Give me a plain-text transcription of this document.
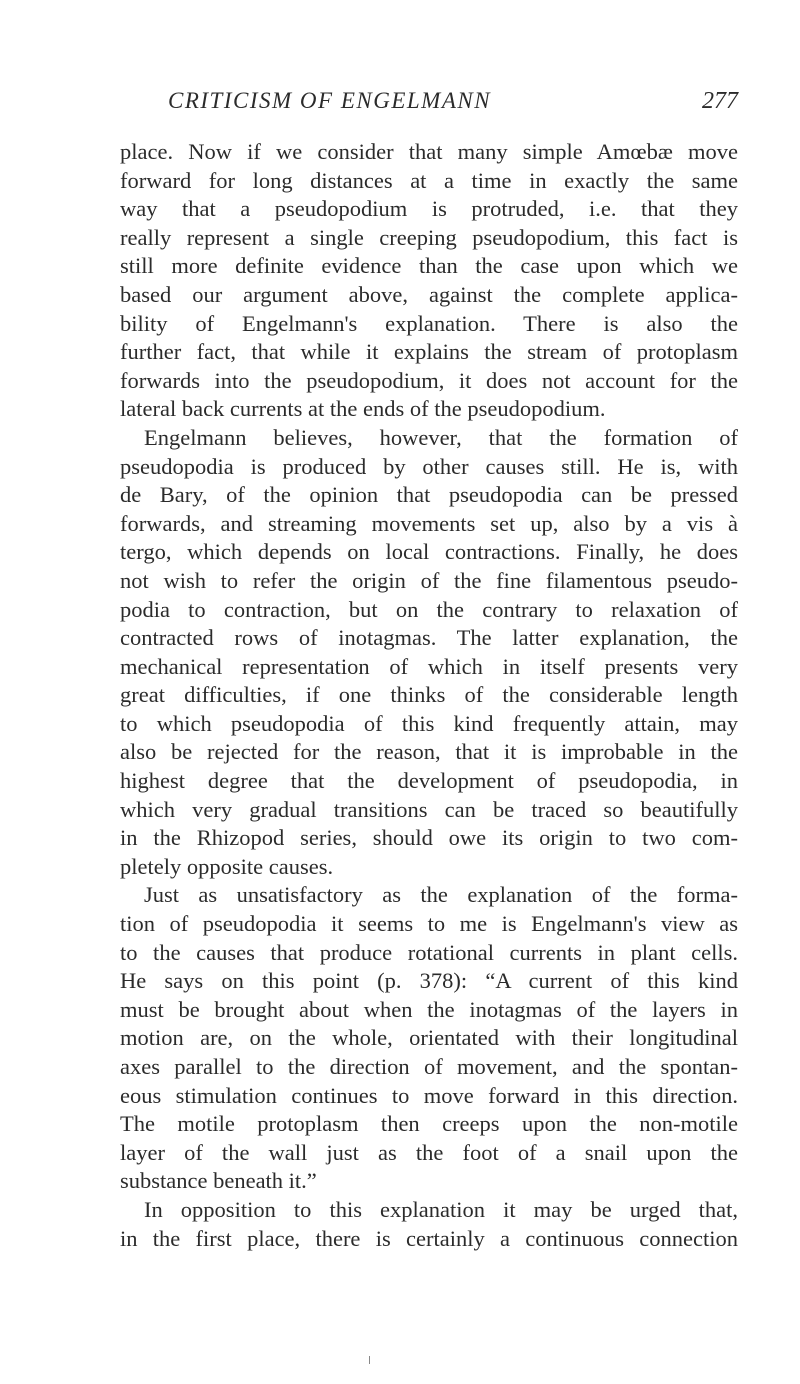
CRITICISM OF ENGELMANN	277
place. Now if we consider that many simple Amœbæ move
forward for long distances at a time in exactly the same
way that a pseudopodium is protruded, i.e. that they
really represent a single creeping pseudopodium, this fact is
still more definite evidence than the case upon which we
based our argument above, against the complete applica-
bility of Engelmann's explanation. There is also the
further fact, that while it explains the stream of protoplasm
forwards into the pseudopodium, it does not account for the
lateral back currents at the ends of the pseudopodium.
Engelmann believes, however, that the formation of
pseudopodia is produced by other causes still. He is, with
de Bary, of the opinion that pseudopodia can be pressed
forwards, and streaming movements set up, also by a vis à
tergo, which depends on local contractions. Finally, he does
not wish to refer the origin of the fine filamentous pseudo-
podia to contraction, but on the contrary to relaxation of
contracted rows of inotagmas. The latter explanation, the
mechanical representation of which in itself presents very
great difficulties, if one thinks of the considerable length
to which pseudopodia of this kind frequently attain, may
also be rejected for the reason, that it is improbable in the
highest degree that the development of pseudopodia, in
which very gradual transitions can be traced so beautifully
in the Rhizopod series, should owe its origin to two com-
pletely opposite causes.
Just as unsatisfactory as the explanation of the forma-
tion of pseudopodia it seems to me is Engelmann's view as
to the causes that produce rotational currents in plant cells.
He says on this point (p. 378): “A current of this kind
must be brought about when the inotagmas of the layers in
motion are, on the whole, orientated with their longitudinal
axes parallel to the direction of movement, and the spontan-
eous stimulation continues to move forward in this direction.
The motile protoplasm then creeps upon the non-motile
layer of the wall just as the foot of a snail upon the
substance beneath it.”
In opposition to this explanation it may be urged that,
in the first place, there is certainly a continuous connection
